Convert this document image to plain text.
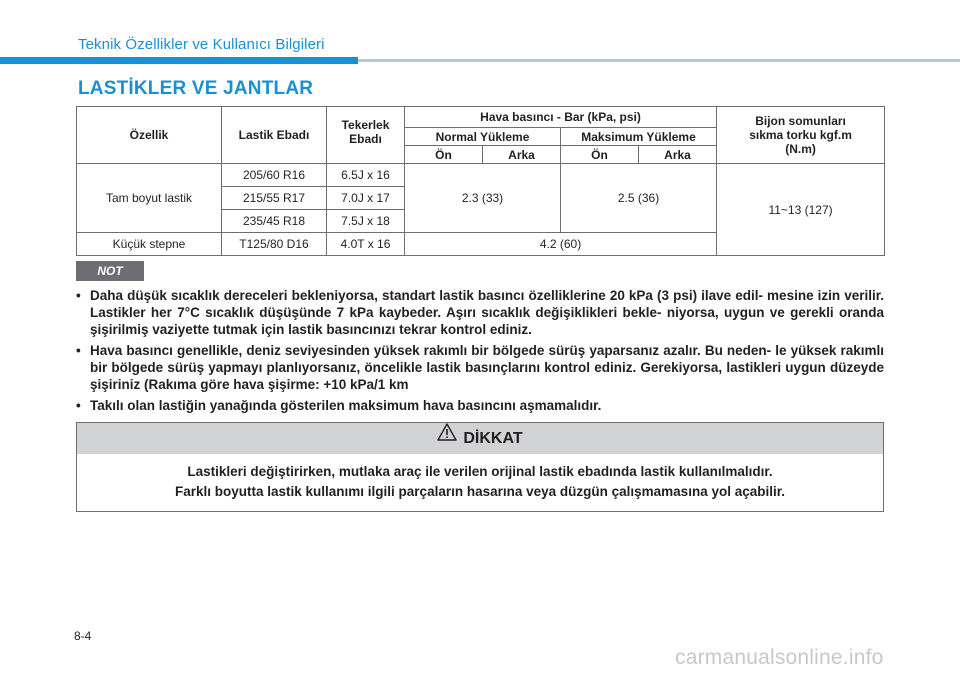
Teknik Özellikler ve Kullanıcı Bilgileri
LASTİKLER VE JANTLAR
Özellik	Lastik Ebadı	Tekerlek Ebadı	Hava basıncı - Bar (kPa, psi)				Bijon somunları sıkma torku kgf.m (N.m)
			Normal Yükleme		Maksimum Yükleme		
			Ön	Arka	Ön	Arka	
Tam boyut lastik	205/60 R16	6.5J x 16	2.3 (33)		2.5 (36)		11~13 (127)
	215/55 R17	7.0J x 17					
	235/45 R18	7.5J x 18					
Küçük stepne	T125/80 D16	4.0T x 16	4.2 (60)				
NOT
• Daha düşük sıcaklık dereceleri bekleniyorsa, standart lastik basıncı özelliklerine 20 kPa (3 psi) ilave edil- mesine izin verilir. Lastikler her 7°C sıcaklık düşüşünde 7 kPa kaybeder. Aşırı sıcaklık değişiklikleri bekle- niyorsa, uygun ve gerekli oranda şişirilmiş vaziyette tutmak için lastik basıncınızı tekrar kontrol ediniz.
• Hava basıncı genellikle, deniz seviyesinden yüksek rakımlı bir bölgede sürüş yaparsanız azalır. Bu neden- le yüksek rakımlı bir bölgede sürüş yapmayı planlıyorsanız, öncelikle lastik basınçlarını kontrol ediniz. Gerekiyorsa, lastikleri uygun düzeyde şişiriniz (Rakıma göre hava şişirme: +10 kPa/1 km
• Takılı olan lastiğin yanağında gösterilen maksimum hava basıncını aşmamalıdır.
DİKKAT
Lastikleri değiştirirken, mutlaka araç ile verilen orijinal lastik ebadında lastik kullanılmalıdır.
Farklı boyutta lastik kullanımı ilgili parçaların hasarına veya düzgün çalışmamasına yol açabilir.
8-4
carmanualsonline.info
